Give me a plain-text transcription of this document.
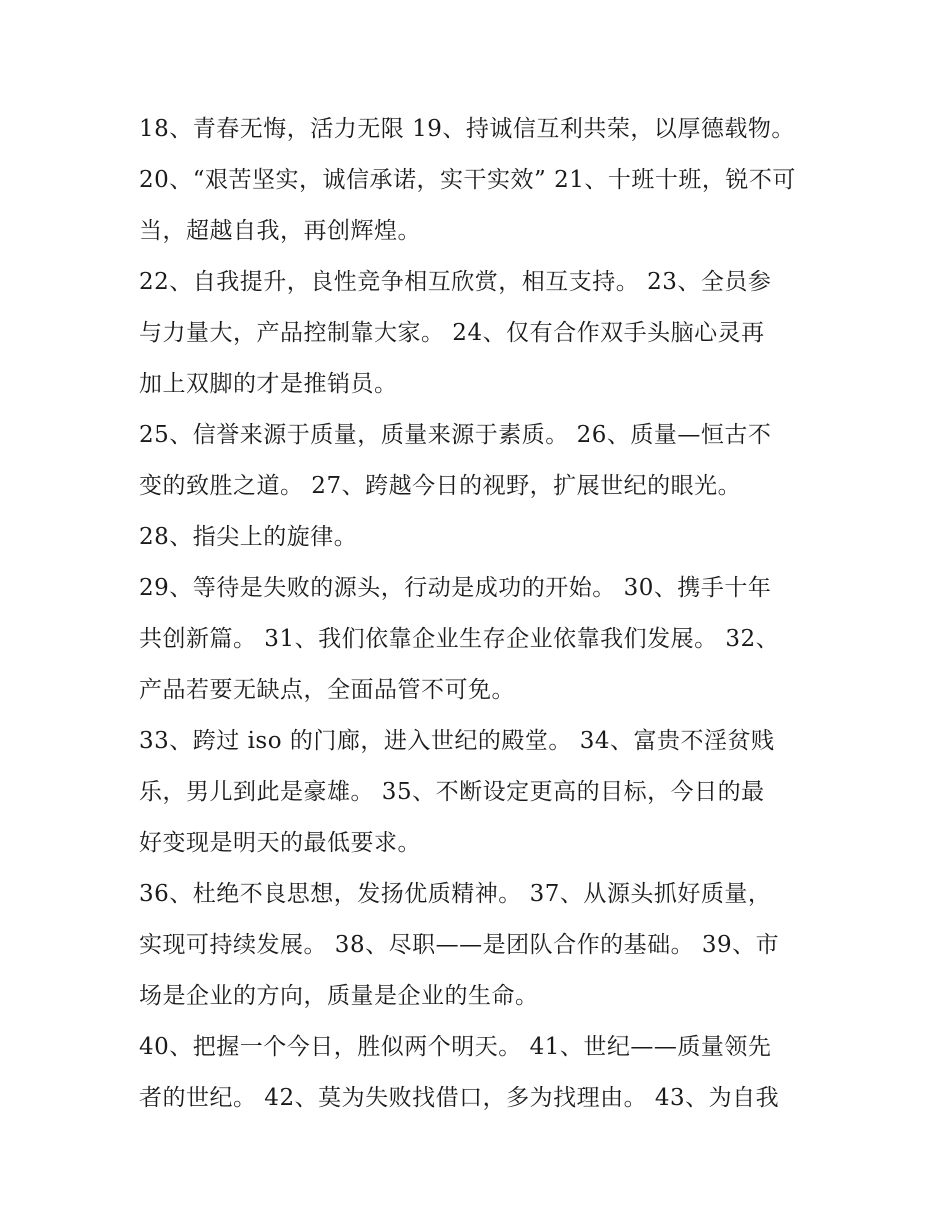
18、青春无悔，活力无限 19、持诚信互利共荣，以厚德载物。
20、“艰苦坚实，诚信承诺，实干实效” 21、十班十班，锐不可
当，超越自我，再创辉煌。
22、自我提升，良性竞争相互欣赏，相互支持。 23、全员参
与力量大，产品控制靠大家。 24、仅有合作双手头脑心灵再
加上双脚的才是推销员。
25、信誉来源于质量，质量来源于素质。 26、质量—恒古不
变的致胜之道。 27、跨越今日的视野，扩展世纪的眼光。
28、指尖上的旋律。
29、等待是失败的源头，行动是成功的开始。 30、携手十年
共创新篇。 31、我们依靠企业生存企业依靠我们发展。 32、
产品若要无缺点，全面品管不可免。
33、跨过 iso 的门廊，进入世纪的殿堂。 34、富贵不淫贫贱
乐，男儿到此是豪雄。 35、不断设定更高的目标，今日的最
好变现是明天的最低要求。
36、杜绝不良思想，发扬优质精神。 37、从源头抓好质量，
实现可持续发展。 38、尽职——是团队合作的基础。 39、市
场是企业的方向，质量是企业的生命。
40、把握一个今日，胜似两个明天。 41、世纪——质量领先
者的世纪。 42、莫为失败找借口，多为找理由。 43、为自我
